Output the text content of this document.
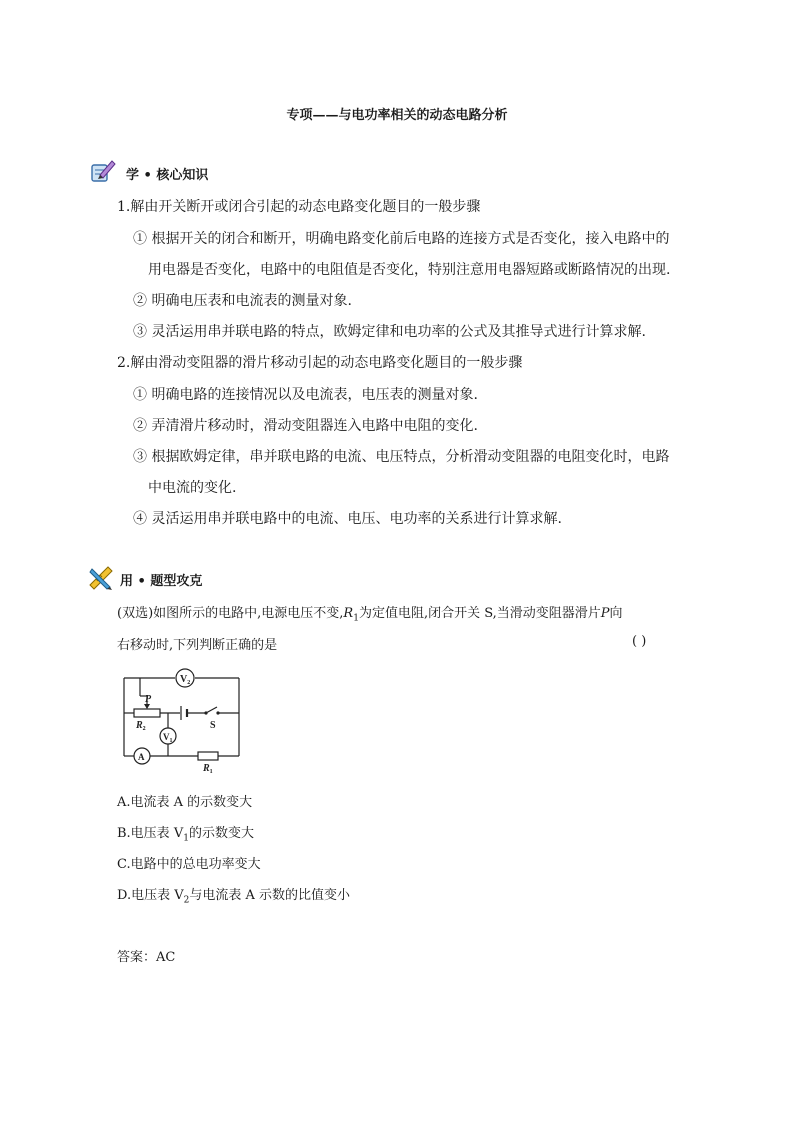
专项——与电功率相关的动态电路分析
学 • 核心知识
1.解由开关断开或闭合引起的动态电路变化题目的一般步骤
① 根据开关的闭合和断开，明确电路变化前后电路的连接方式是否变化，接入电路中的
用电器是否变化，电路中的电阻值是否变化，特别注意用电器短路或断路情况的出现.
② 明确电压表和电流表的测量对象.
③ 灵活运用串并联电路的特点，欧姆定律和电功率的公式及其推导式进行计算求解.
2.解由滑动变阻器的滑片移动引起的动态电路变化题目的一般步骤
① 明确电路的连接情况以及电流表，电压表的测量对象.
② 弄清滑片移动时，滑动变阻器连入电路中电阻的变化.
③ 根据欧姆定律，串并联电路的电流、电压特点，分析滑动变阻器的电阻变化时，电路
中电流的变化.
④ 灵活运用串并联电路中的电流、电压、电功率的关系进行计算求解.
用 • 题型攻克
(双选)如图所示的电路中,电源电压不变$,R_1$为定值电阻,闭合开关 S,当滑动变阻器滑片P向
右移动时,下列判断正确的是	( )
$V_2$
$V_1$
A
P
$R_2$
$R_1$
S
A.电流表 A 的示数变大
B.电压表 $V_1$的示数变大
C.电路中的总电功率变大
D.电压表 $V_2$与电流表 A 示数的比值变小
答案：AC
